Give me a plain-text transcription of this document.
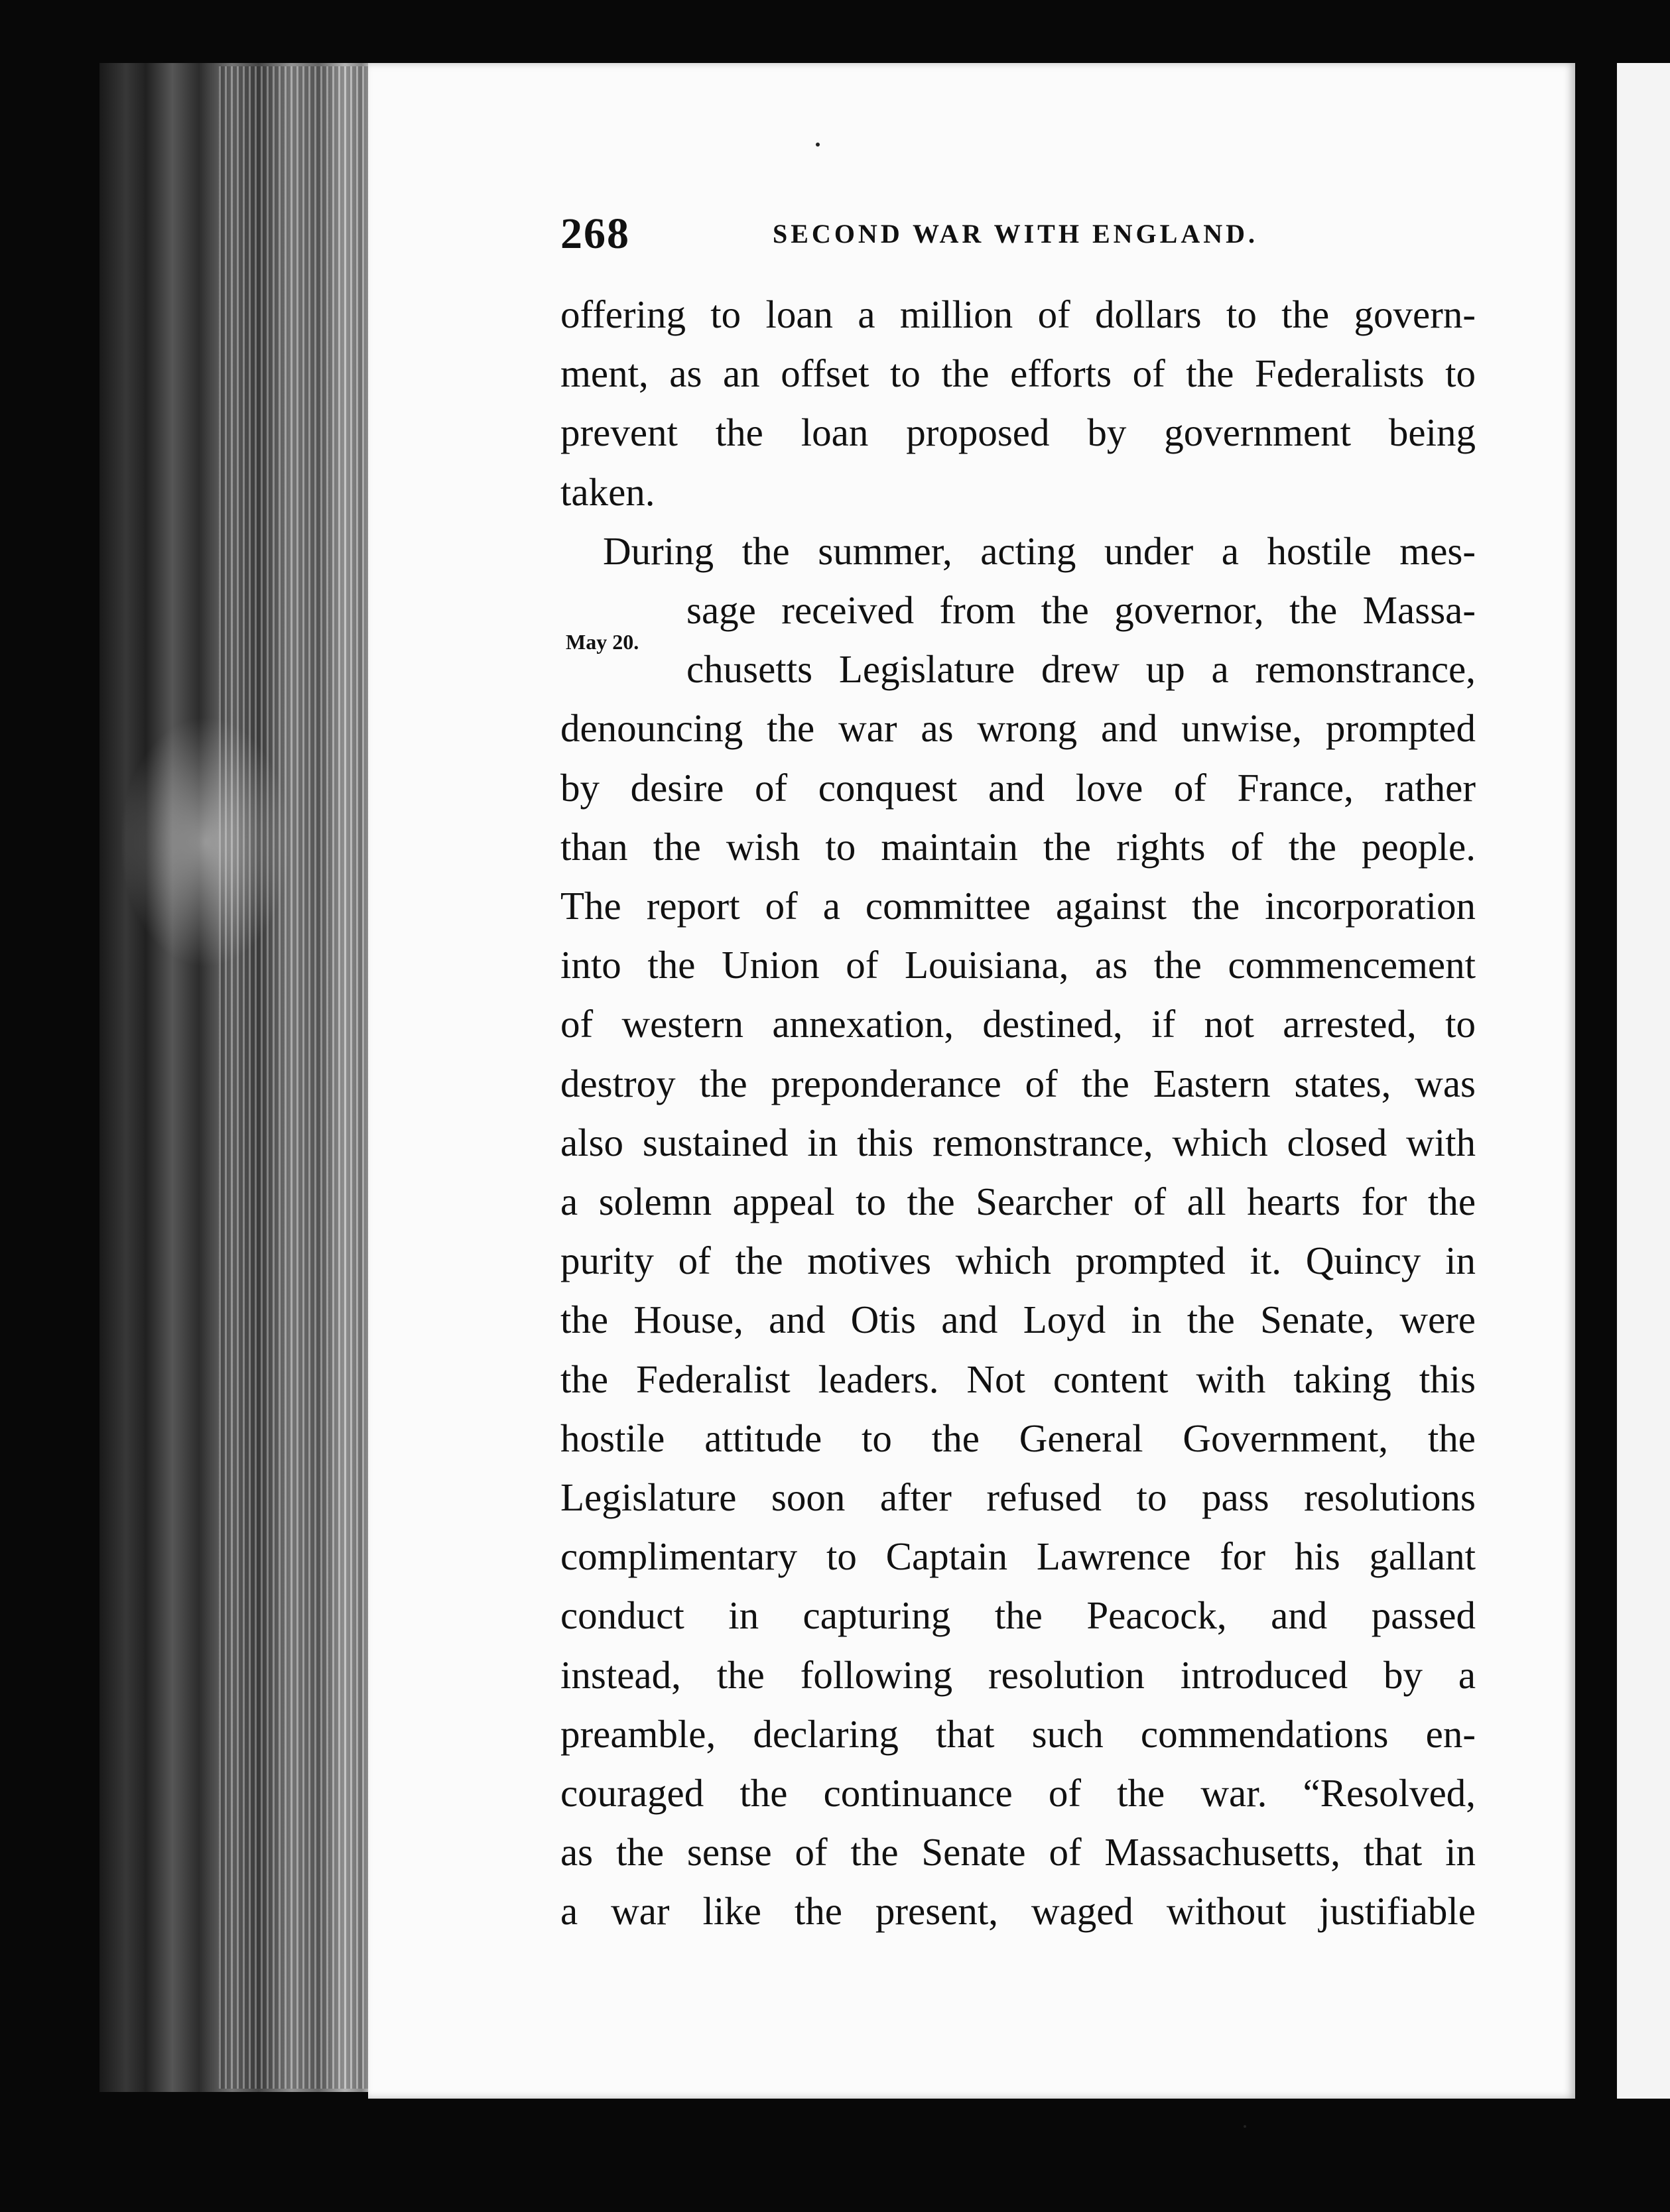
268	SECOND WAR WITH ENGLAND.
May 20.
offering to loan a million of dollars to the govern-
ment, as an offset to the efforts of the Federalists to
prevent the loan proposed by government being
taken.
During the summer, acting under a hostile mes-
sage received from the governor, the Massa-
chusetts Legislature drew up a remonstrance,
denouncing the war as wrong and unwise, prompted
by desire of conquest and love of France, rather
than the wish to maintain the rights of the people.
The report of a committee against the incorporation
into the Union of Louisiana, as the commencement
of western annexation, destined, if not arrested, to
destroy the preponderance of the Eastern states, was
also sustained in this remonstrance, which closed with
a solemn appeal to the Searcher of all hearts for the
purity of the motives which prompted it. Quincy in
the House, and Otis and Loyd in the Senate, were
the Federalist leaders. Not content with taking this
hostile attitude to the General Government, the
Legislature soon after refused to pass resolutions
complimentary to Captain Lawrence for his gallant
conduct in capturing the Peacock, and passed
instead, the following resolution introduced by a
preamble, declaring that such commendations en-
couraged the continuance of the war. “Resolved,
as the sense of the Senate of Massachusetts, that in
a war like the present, waged without justifiable
